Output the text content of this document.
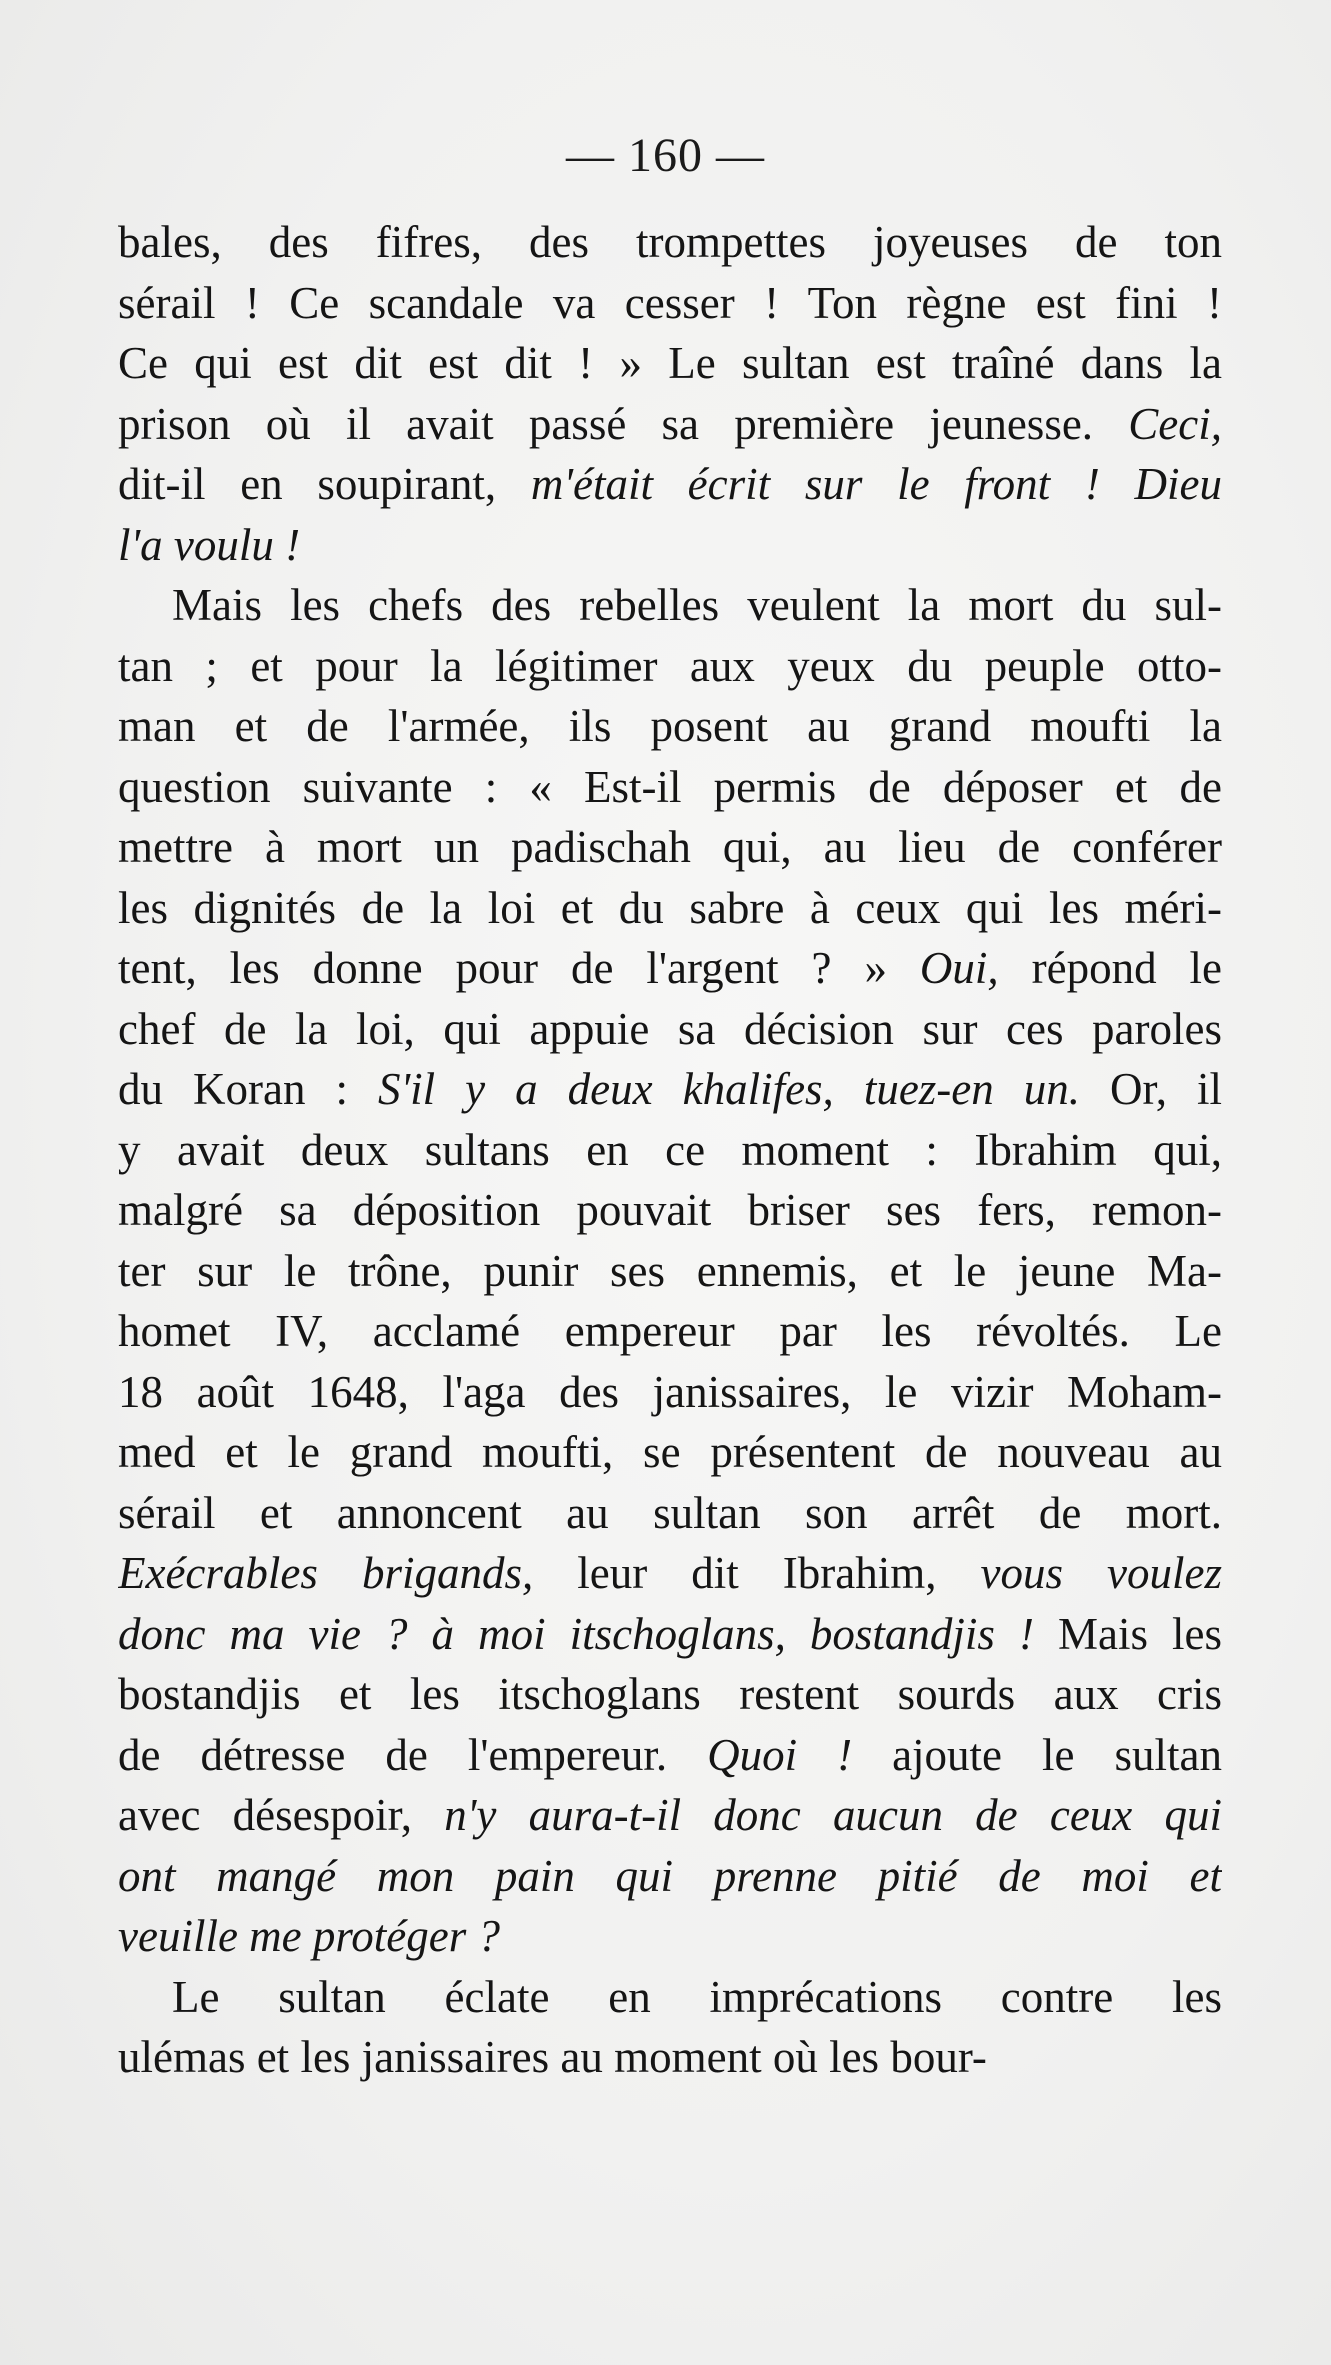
— 160 —
bales, des fifres, des trompettes joyeuses de ton
sérail ! Ce scandale va cesser ! Ton règne est fini !
Ce qui est dit est dit ! » Le sultan est traîné dans la
prison où il avait passé sa première jeunesse. Ceci,
dit-il en soupirant, m'était écrit sur le front ! Dieu
l'a voulu !
Mais les chefs des rebelles veulent la mort du sul-
tan ; et pour la légitimer aux yeux du peuple otto-
man et de l'armée, ils posent au grand moufti la
question suivante : « Est-il permis de déposer et de
mettre à mort un padischah qui, au lieu de conférer
les dignités de la loi et du sabre à ceux qui les méri-
tent, les donne pour de l'argent ? » Oui, répond le
chef de la loi, qui appuie sa décision sur ces paroles
du Koran : S'il y a deux khalifes, tuez-en un. Or, il
y avait deux sultans en ce moment : Ibrahim qui,
malgré sa déposition pouvait briser ses fers, remon-
ter sur le trône, punir ses ennemis, et le jeune Ma-
homet IV, acclamé empereur par les révoltés. Le
18 août 1648, l'aga des janissaires, le vizir Moham-
med et le grand moufti, se présentent de nouveau au
sérail et annoncent au sultan son arrêt de mort.
Exécrables brigands, leur dit Ibrahim, vous voulez
donc ma vie ? à moi itschoglans, bostandjis ! Mais les
bostandjis et les itschoglans restent sourds aux cris
de détresse de l'empereur. Quoi ! ajoute le sultan
avec désespoir, n'y aura-t-il donc aucun de ceux qui
ont mangé mon pain qui prenne pitié de moi et
veuille me protéger ?
Le sultan éclate en imprécations contre les
ulémas et les janissaires au moment où les bour-
